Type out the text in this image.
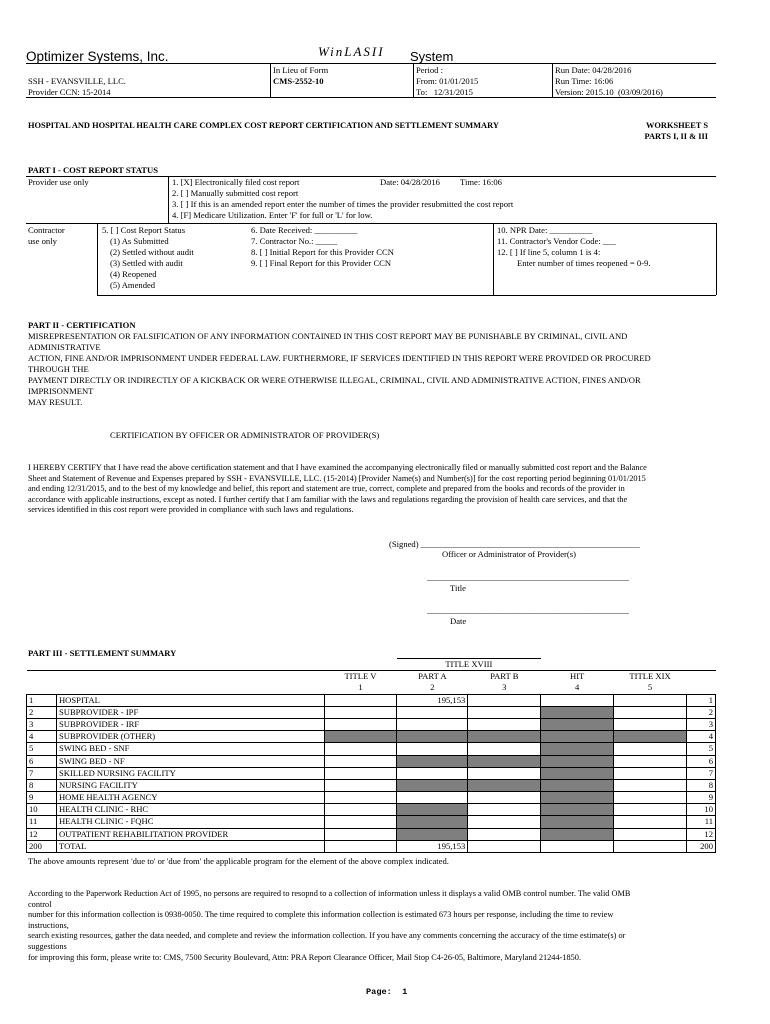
Optimizer Systems, Inc.	WinLASII System
SSH - EVANSVILLE, LLC.
Provider CCN: 15-2014
In Lieu of Form
CMS-2552-10
Period :
From: 01/01/2015
To:   12/31/2015
Run Date: 04/28/2016
Run Time: 16:06
Version: 2015.10  (03/09/2016)
HOSPITAL AND HOSPITAL HEALTH CARE COMPLEX COST REPORT CERTIFICATION AND SETTLEMENT SUMMARY	WORKSHEET S
PARTS I, II & III
PART I - COST REPORT STATUS
Provider use only	1. [X] Electronically filed cost report	Date: 04/28/2016 Time: 16:06
2. [ ] Manually submitted cost report
3. [ ] If this is an amended report enter the number of times the provider resubmitted the cost report
4. [F] Medicare Utilization. Enter 'F' for full or 'L' for low.
Contractor
use only
5. [ ] Cost Report Status
(1) As Submitted
(2) Settled without audit
(3) Settled with audit
(4) Reopened
(5) Amended
6. Date Received: __________
7. Contractor No.: _____
8. [ ] Initial Report for this Provider CCN
9. [ ] Final Report for this Provider CCN
10. NPR Date: __________
11. Contractor's Vendor Code: ___
12. [ ] If line 5, column 1 is 4:
Enter number of times reopened = 0-9.
PART II - CERTIFICATION
MISREPRESENTATION OR FALSIFICATION OF ANY INFORMATION CONTAINED IN THIS COST REPORT MAY BE PUNISHABLE BY CRIMINAL, CIVIL AND
ADMINISTRATIVE
ACTION, FINE AND/OR IMPRISONMENT UNDER FEDERAL LAW. FURTHERMORE, IF SERVICES IDENTIFIED IN THIS REPORT WERE PROVIDED OR PROCURED
THROUGH THE
PAYMENT DIRECTLY OR INDIRECTLY OF A KICKBACK OR WERE OTHERWISE ILLEGAL, CRIMINAL, CIVIL AND ADMINISTRATIVE ACTION, FINES AND/OR
IMPRISONMENT
MAY RESULT.
CERTIFICATION BY OFFICER OR ADMINISTRATOR OF PROVIDER(S)
I HEREBY CERTIFY that I have read the above certification statement and that I have examined the accompanying electronically filed or manually submitted cost report and the Balance
Sheet and Statement of Revenue and Expenses prepared by SSH - EVANSVILLE, LLC. (15-2014) [Provider Name(s) and Number(s)] for the cost reporting period beginning 01/01/2015
and ending 12/31/2015, and to the best of my knowledge and belief, this report and statement are true, correct, complete and prepared from the books and records of the provider in
accordance with applicable instructions, except as noted. I further certify that I am familiar with the laws and regulations regarding the provision of health care services, and that the
services identified in this cost report were provided in compliance with such laws and regulations.
(Signed) ___________________________________________________
Officer or Administrator of Provider(s)
_______________________________________________
Title
_______________________________________________
Date
PART III - SETTLEMENT SUMMARY
			TITLE XVIII				
		TITLE V	PART A	PART B	HIT	TITLE XIX	
		1	2	3	4	5	
1	HOSPITAL		195,153				1
2	SUBPROVIDER - IPF						2
3	SUBPROVIDER - IRF						3
4	SUBPROVIDER (OTHER)						4
5	SWING BED - SNF						5
6	SWING BED - NF						6
7	SKILLED NURSING FACILITY						7
8	NURSING FACILITY						8
9	HOME HEALTH AGENCY						9
10	HEALTH CLINIC - RHC						10
11	HEALTH CLINIC - FQHC						11
12	OUTPATIENT REHABILITATION PROVIDER						12
200	TOTAL		195,153				200
The above amounts represent 'due to' or 'due from' the applicable program for the element of the above complex indicated.
According to the Paperwork Reduction Act of 1995, no persons are required to resopnd to a collection of information unless it displays a valid OMB control number. The valid OMB
control
number for this information collection is 0938-0050. The time required to complete this information collection is estimated 673 hours per response, including the time to review
instructions,
search existing resources, gather the data needed, and complete and review the information collection. If you have any comments concerning the accuracy of the time estimate(s) or
suggestions
for improving this form, please write to: CMS, 7500 Security Boulevard, Attn: PRA Report Clearance Officer, Mail Stop C4-26-05, Baltimore, Maryland 21244-1850.
Page:  1
